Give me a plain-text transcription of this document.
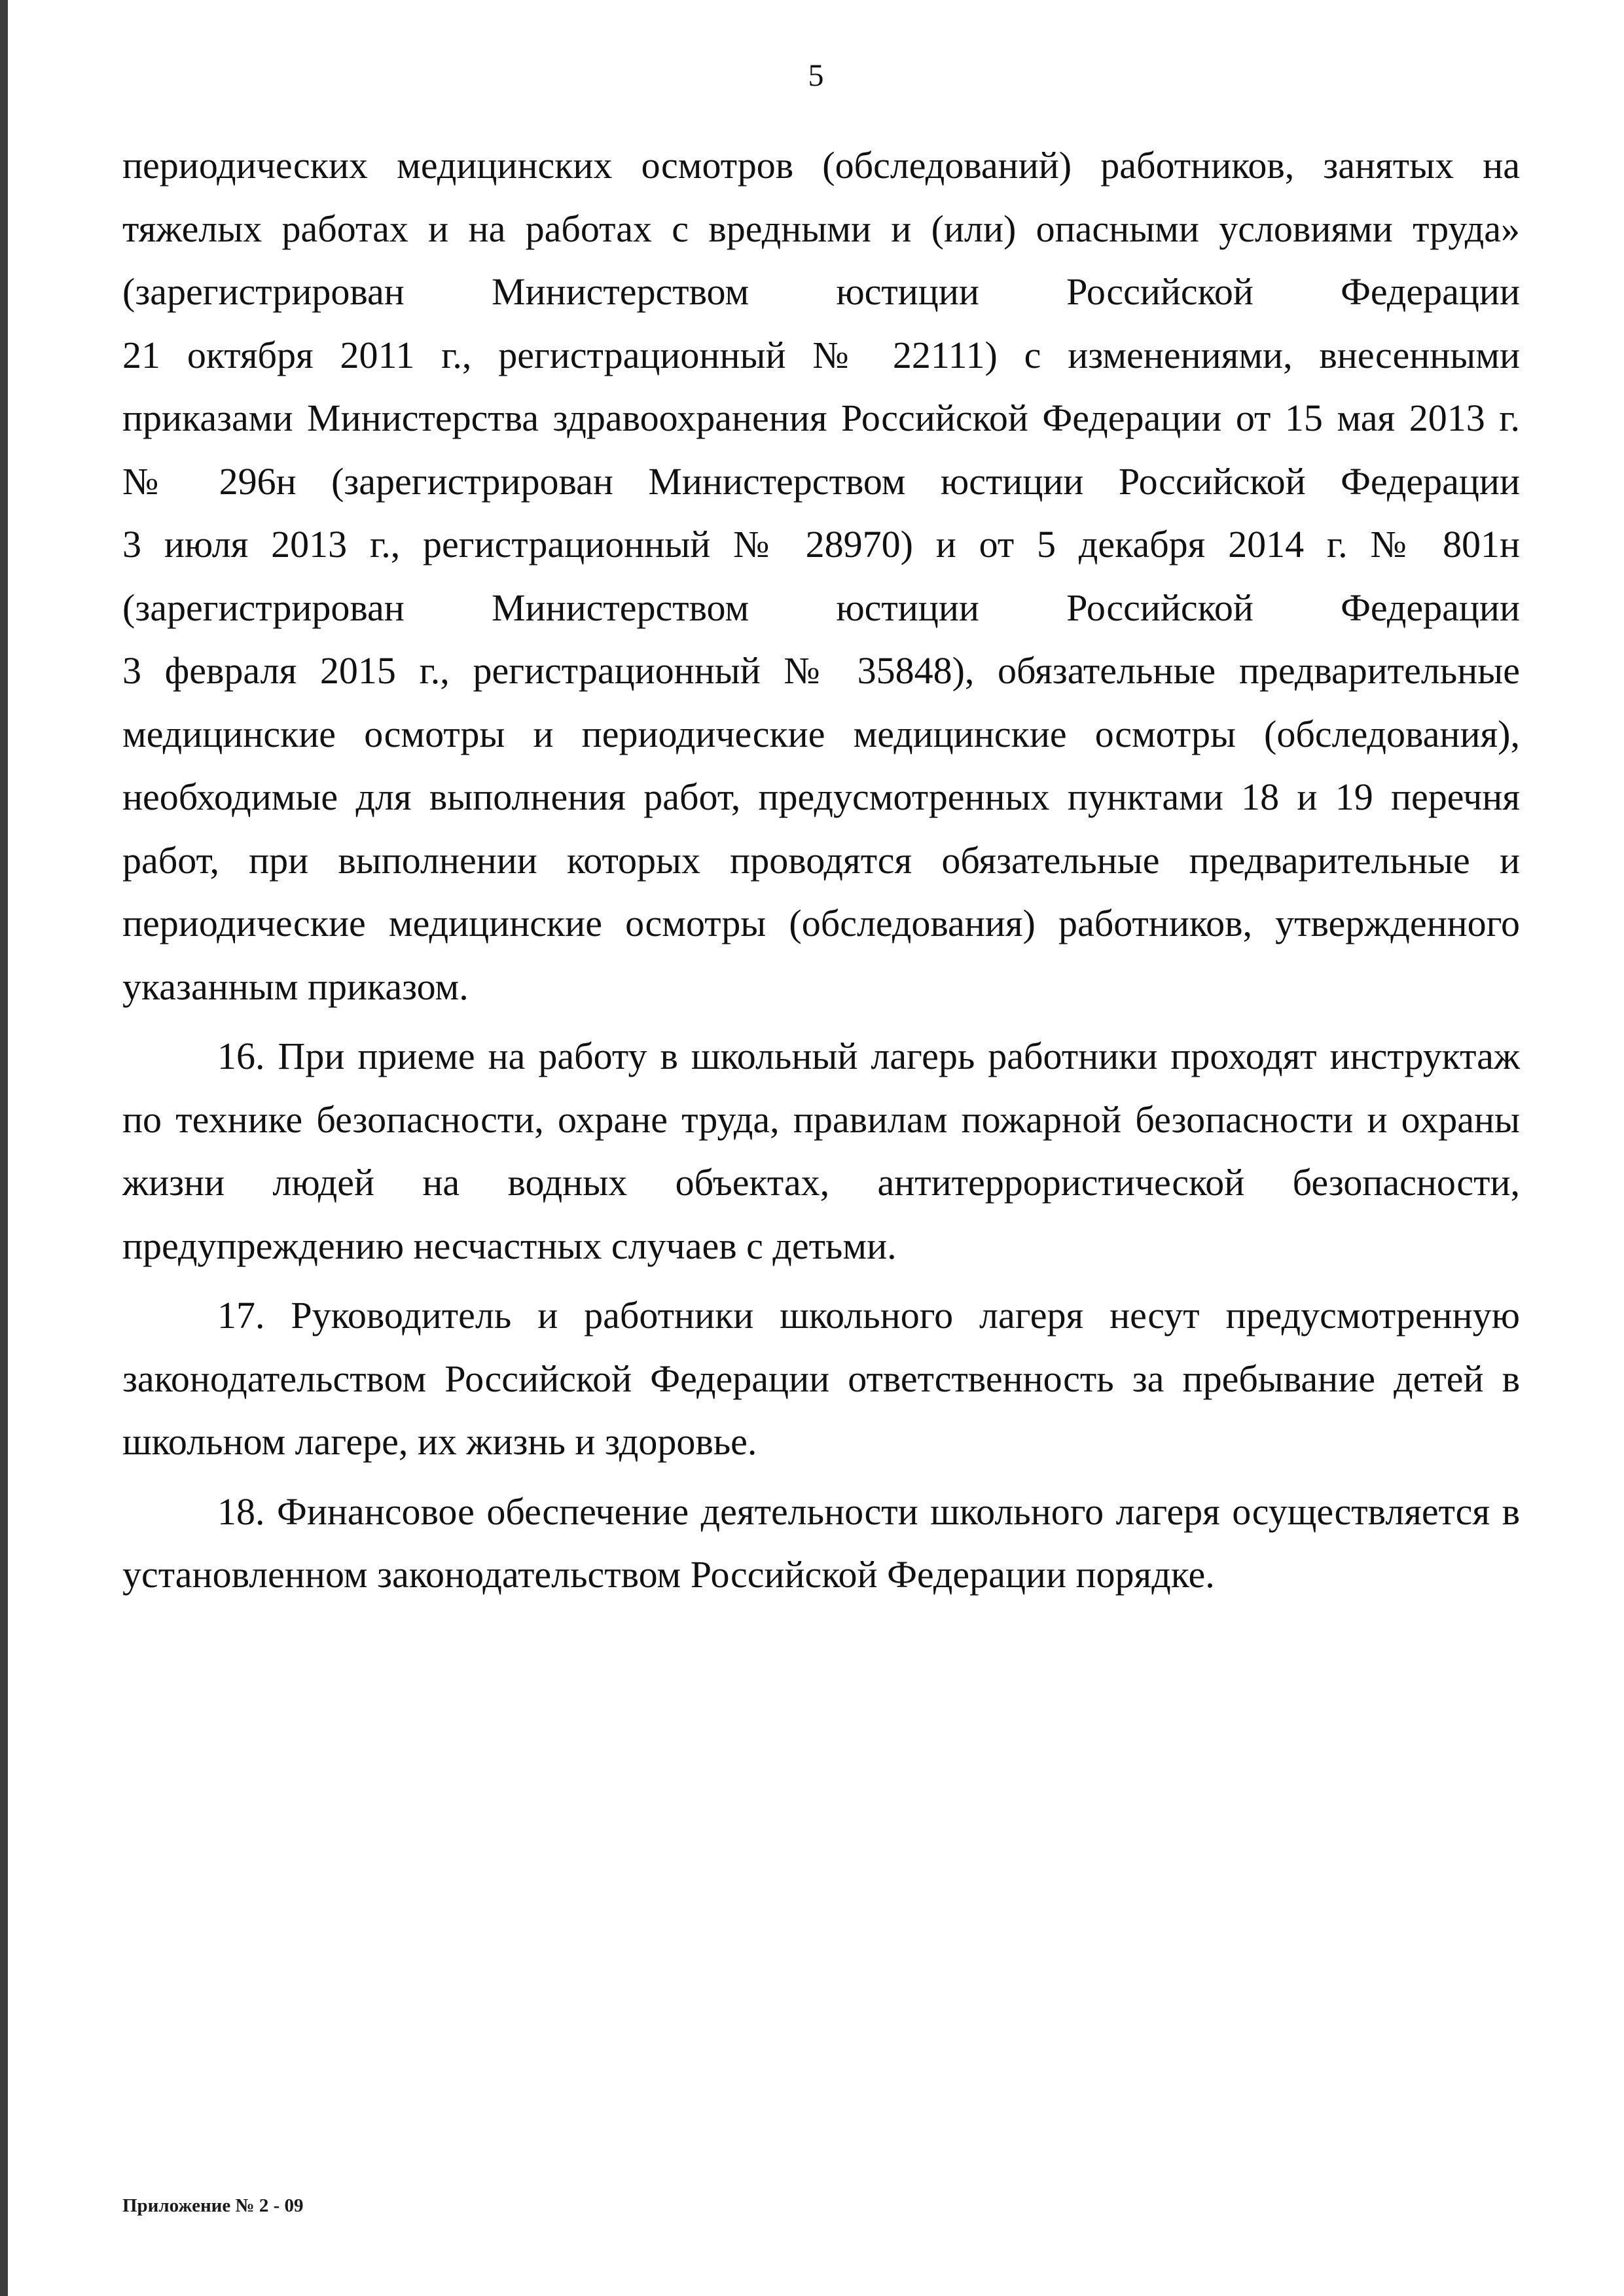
5
периодических медицинских осмотров (обследований) работников, занятых на
тяжелых работах и на работах с вредными и (или) опасными условиями труда»
(зарегистрирован Министерством юстиции Российской Федерации
21 октября 2011 г., регистрационный № 22111) с изменениями, внесенными
приказами Министерства здравоохранения Российской Федерации от 15 мая 2013 г.
№ 296н (зарегистрирован Министерством юстиции Российской Федерации
3 июля 2013 г., регистрационный № 28970) и от 5 декабря 2014 г. № 801н
(зарегистрирован Министерством юстиции Российской Федерации
3 февраля 2015 г., регистрационный № 35848), обязательные предварительные
медицинские осмотры и периодические медицинские осмотры (обследования),
необходимые для выполнения работ, предусмотренных пунктами 18 и 19 перечня
работ, при выполнении которых проводятся обязательные предварительные и
периодические медицинские осмотры (обследования) работников, утвержденного
указанным приказом.

16. При приеме на работу в школьный лагерь работники проходят инструктаж по технике безопасности, охране труда, правилам пожарной безопасности и охраны жизни людей на водных объектах, антитеррористической безопасности, предупреждению несчастных случаев с детьми.

17. Руководитель и работники школьного лагеря несут предусмотренную законодательством Российской Федерации ответственность за пребывание детей в школьном лагере, их жизнь и здоровье.

18. Финансовое обеспечение деятельности школьного лагеря осуществляется в установленном законодательством Российской Федерации порядке.

Приложение № 2 - 09
